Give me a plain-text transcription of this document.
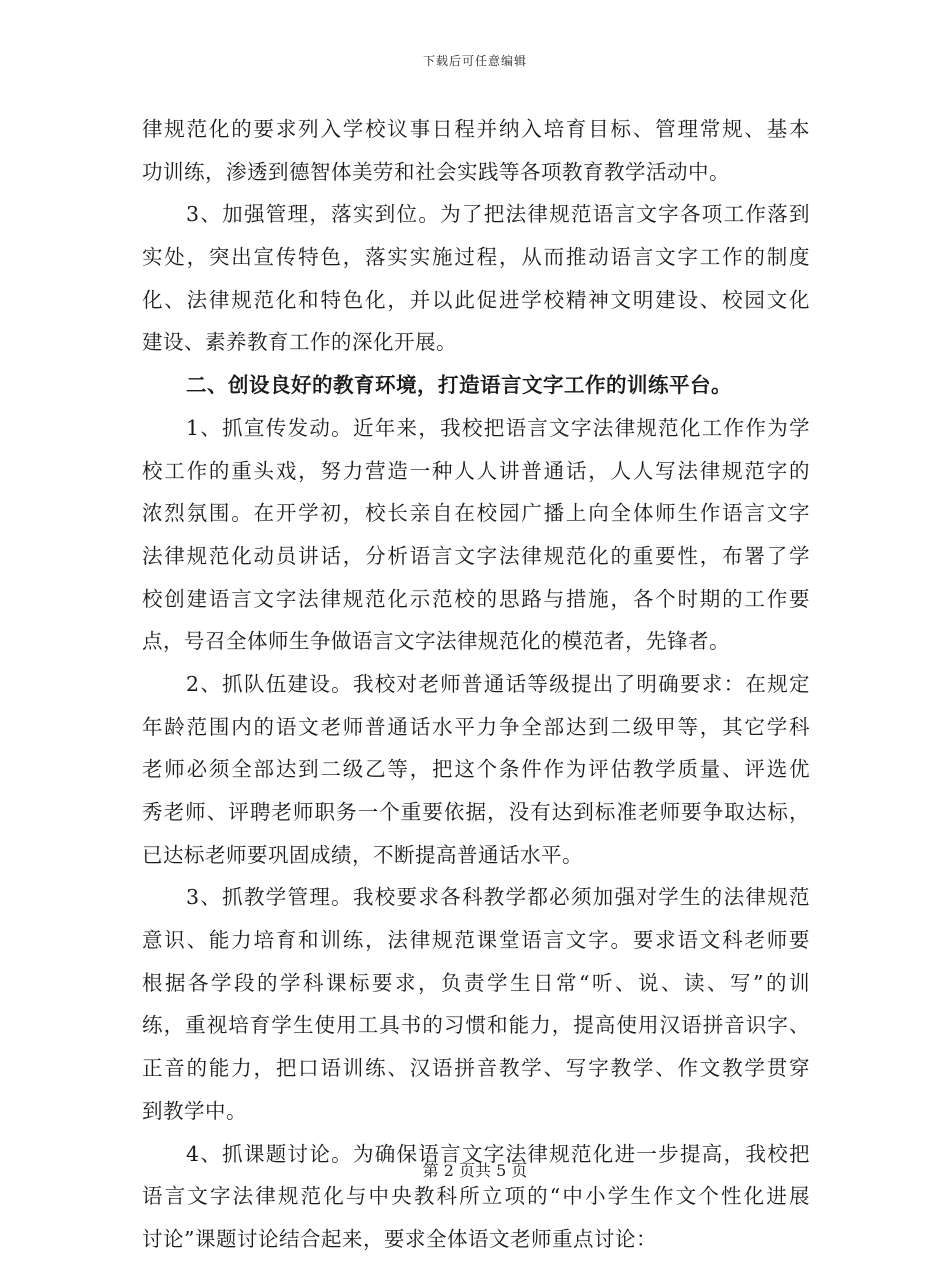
下载后可任意编辑
律规范化的要求列入学校议事日程并纳入培育目标、管理常规、基本
功训练，渗透到德智体美劳和社会实践等各项教育教学活动中。
3、加强管理，落实到位。为了把法律规范语言文字各项工作落到
实处，突出宣传特色，落实实施过程，从而推动语言文字工作的制度
化、法律规范化和特色化，并以此促进学校精神文明建设、校园文化
建设、素养教育工作的深化开展。
二、创设良好的教育环境，打造语言文字工作的训练平台。
1、抓宣传发动。近年来，我校把语言文字法律规范化工作作为学
校工作的重头戏，努力营造一种人人讲普通话，人人写法律规范字的
浓烈氛围。在开学初，校长亲自在校园广播上向全体师生作语言文字
法律规范化动员讲话，分析语言文字法律规范化的重要性，布署了学
校创建语言文字法律规范化示范校的思路与措施，各个时期的工作要
点，号召全体师生争做语言文字法律规范化的模范者，先锋者。
2、抓队伍建设。我校对老师普通话等级提出了明确要求：在规定
年龄范围内的语文老师普通话水平力争全部达到二级甲等，其它学科
老师必须全部达到二级乙等，把这个条件作为评估教学质量、评选优
秀老师、评聘老师职务一个重要依据，没有达到标准老师要争取达标，
已达标老师要巩固成绩，不断提高普通话水平。
3、抓教学管理。我校要求各科教学都必须加强对学生的法律规范
意识、能力培育和训练，法律规范课堂语言文字。要求语文科老师要
根据各学段的学科课标要求，负责学生日常“听、说、读、写”的训
练，重视培育学生使用工具书的习惯和能力，提高使用汉语拼音识字、
正音的能力，把口语训练、汉语拼音教学、写字教学、作文教学贯穿
到教学中。
4、抓课题讨论。为确保语言文字法律规范化进一步提高，我校把
语言文字法律规范化与中央教科所立项的“中小学生作文个性化进展
讨论”课题讨论结合起来，要求全体语文老师重点讨论：
第 2 页共 5 页
